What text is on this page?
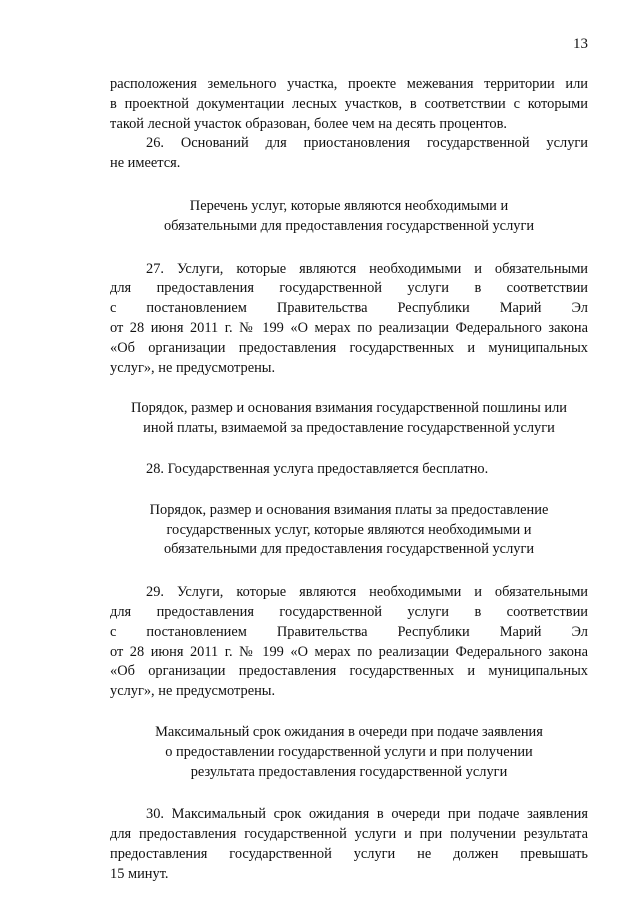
13
расположения земельного участка, проекте межевания территории или
в проектной документации лесных участков, в соответствии с которыми
такой лесной участок образован, более чем на десять процентов.
26. Оснований для приостановления государственной услуги
не имеется.
Перечень услуг, которые являются необходимыми и
обязательными для предоставления государственной услуги
27. Услуги, которые являются необходимыми и обязательными
для предоставления государственной услуги в соответствии
с постановлением Правительства Республики Марий Эл
от 28 июня 2011 г. № 199 «О мерах по реализации Федерального закона
«Об организации предоставления государственных и муниципальных
услуг», не предусмотрены.
Порядок, размер и основания взимания государственной пошлины или
иной платы, взимаемой за предоставление государственной услуги
28. Государственная услуга предоставляется бесплатно.
Порядок, размер и основания взимания платы за предоставление
государственных услуг, которые являются необходимыми и
обязательными для предоставления государственной услуги
29. Услуги, которые являются необходимыми и обязательными
для предоставления государственной услуги в соответствии
с постановлением Правительства Республики Марий Эл
от 28 июня 2011 г. № 199 «О мерах по реализации Федерального закона
«Об организации предоставления государственных и муниципальных
услуг», не предусмотрены.
Максимальный срок ожидания в очереди при подаче заявления
о предоставлении государственной услуги и при получении
результата предоставления государственной услуги
30. Максимальный срок ожидания в очереди при подаче заявления
для предоставления государственной услуги и при получении результата
предоставления государственной услуги не должен превышать
15 минут.
